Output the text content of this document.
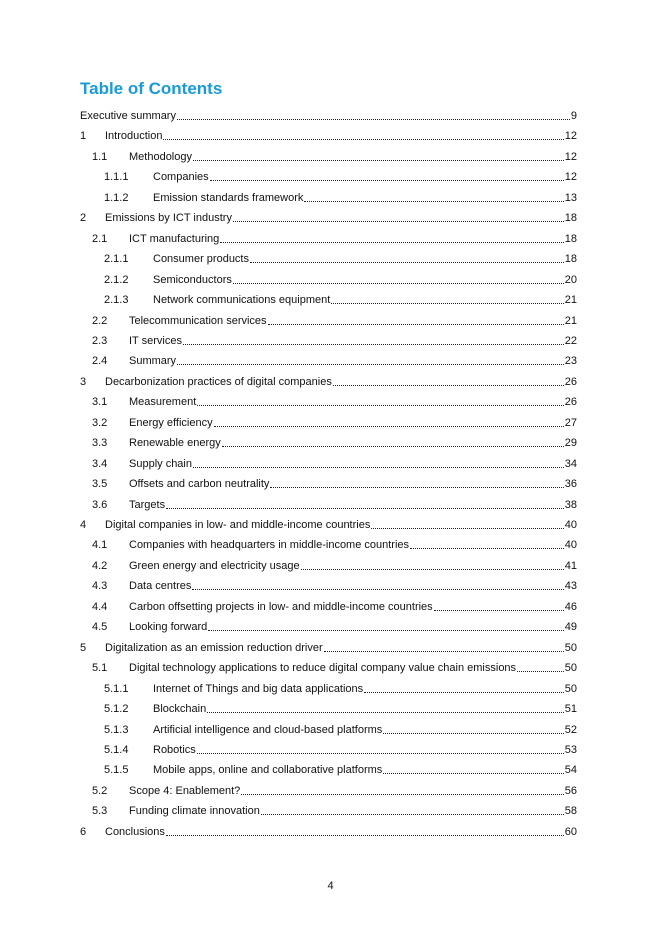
Table of Contents
Executive summary	9
1	Introduction	12
1.1	Methodology	12
1.1.1	Companies	12
1.1.2	Emission standards framework	13
2	Emissions by ICT industry	18
2.1	ICT manufacturing	18
2.1.1	Consumer products	18
2.1.2	Semiconductors	20
2.1.3	Network communications equipment	21
2.2	Telecommunication services	21
2.3	IT services	22
2.4	Summary	23
3	Decarbonization practices of digital companies	26
3.1	Measurement	26
3.2	Energy efficiency	27
3.3	Renewable energy	29
3.4	Supply chain	34
3.5	Offsets and carbon neutrality	36
3.6	Targets	38
4	Digital companies in low- and middle-income countries	40
4.1	Companies with headquarters in middle-income countries	40
4.2	Green energy and electricity usage	41
4.3	Data centres	43
4.4	Carbon offsetting projects in low- and middle-income countries	46
4.5	Looking forward	49
5	Digitalization as an emission reduction driver	50
5.1	Digital technology applications to reduce digital company value chain emissions	50
5.1.1	Internet of Things and big data applications	50
5.1.2	Blockchain	51
5.1.3	Artificial intelligence and cloud-based platforms	52
5.1.4	Robotics	53
5.1.5	Mobile apps, online and collaborative platforms	54
5.2	Scope 4: Enablement?	56
5.3	Funding climate innovation	58
6	Conclusions	60
4
